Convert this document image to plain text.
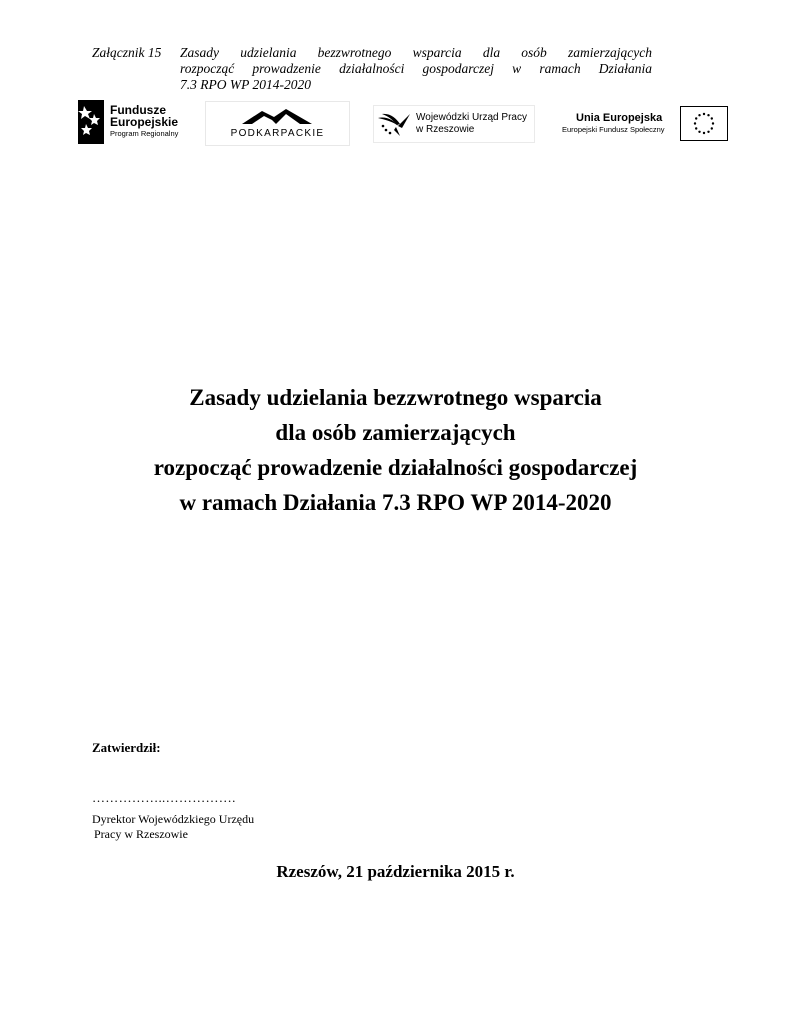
Załącznik 15	Zasady udzielania bezzwrotnego wsparcia dla osób zamierzających
rozpocząć prowadzenie działalności gospodarczej w ramach Działania
7.3 RPO WP 2014-2020
Fundusze
Europejskie
Program Regionalny	PODKARPACKIE
Wojewódzki Urząd Pracy
w Rzeszowie
Unia Europejska
Europejski Fundusz Społeczny
Zasady udzielania bezzwrotnego wsparcia
dla osób zamierzających
rozpocząć prowadzenie działalności gospodarczej
w ramach Działania 7.3 RPO WP 2014-2020
Zatwierdził:
……………..…………….
Dyrektor Wojewódzkiego Urzędu
Pracy w Rzeszowie
Rzeszów, 21 października 2015 r.
